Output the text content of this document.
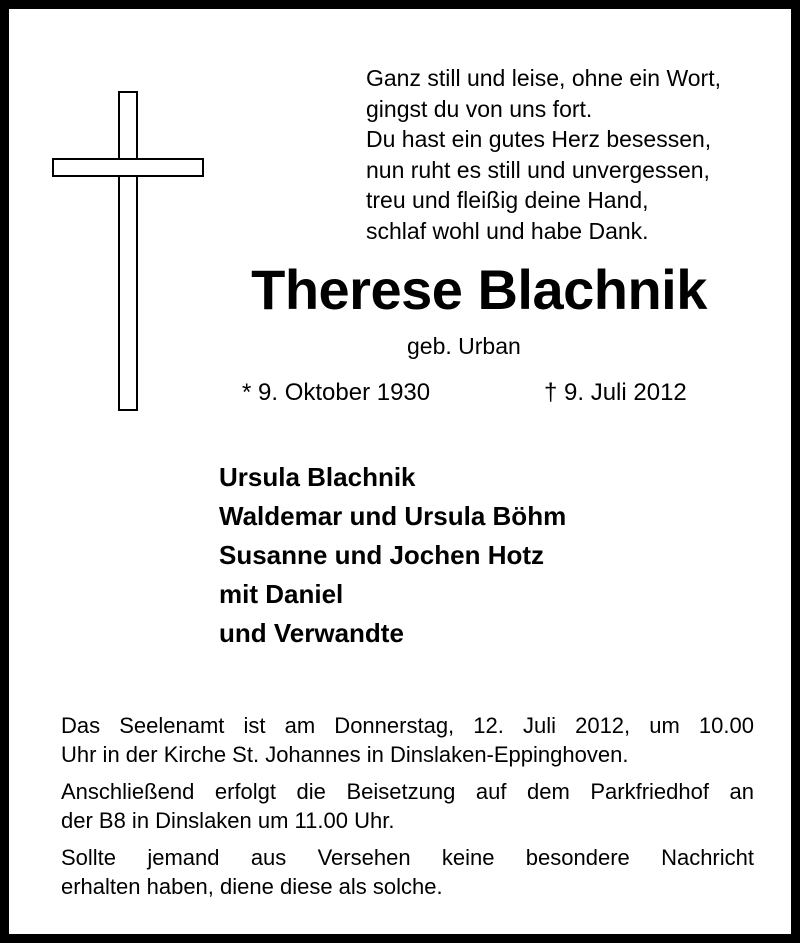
Ganz still und leise, ohne ein Wort,
gingst du von uns fort.
Du hast ein gutes Herz besessen,
nun ruht es still und unvergessen,
treu und fleißig deine Hand,
schlaf wohl und habe Dank.
Therese Blachnik
geb. Urban
* 9. Oktober 1930	† 9. Juli 2012
Ursula Blachnik
Waldemar und Ursula Böhm
Susanne und Jochen Hotz
mit Daniel
und Verwandte

Das Seelenamt ist am Donnerstag, 12. Juli 2012, um 10.00
Uhr in der Kirche St. Johannes in Dinslaken-Eppinghoven.

Anschließend erfolgt die Beisetzung auf dem Parkfriedhof an
der B8 in Dinslaken um 11.00 Uhr.

Sollte jemand aus Versehen keine besondere Nachricht
erhalten haben, diene diese als solche.
